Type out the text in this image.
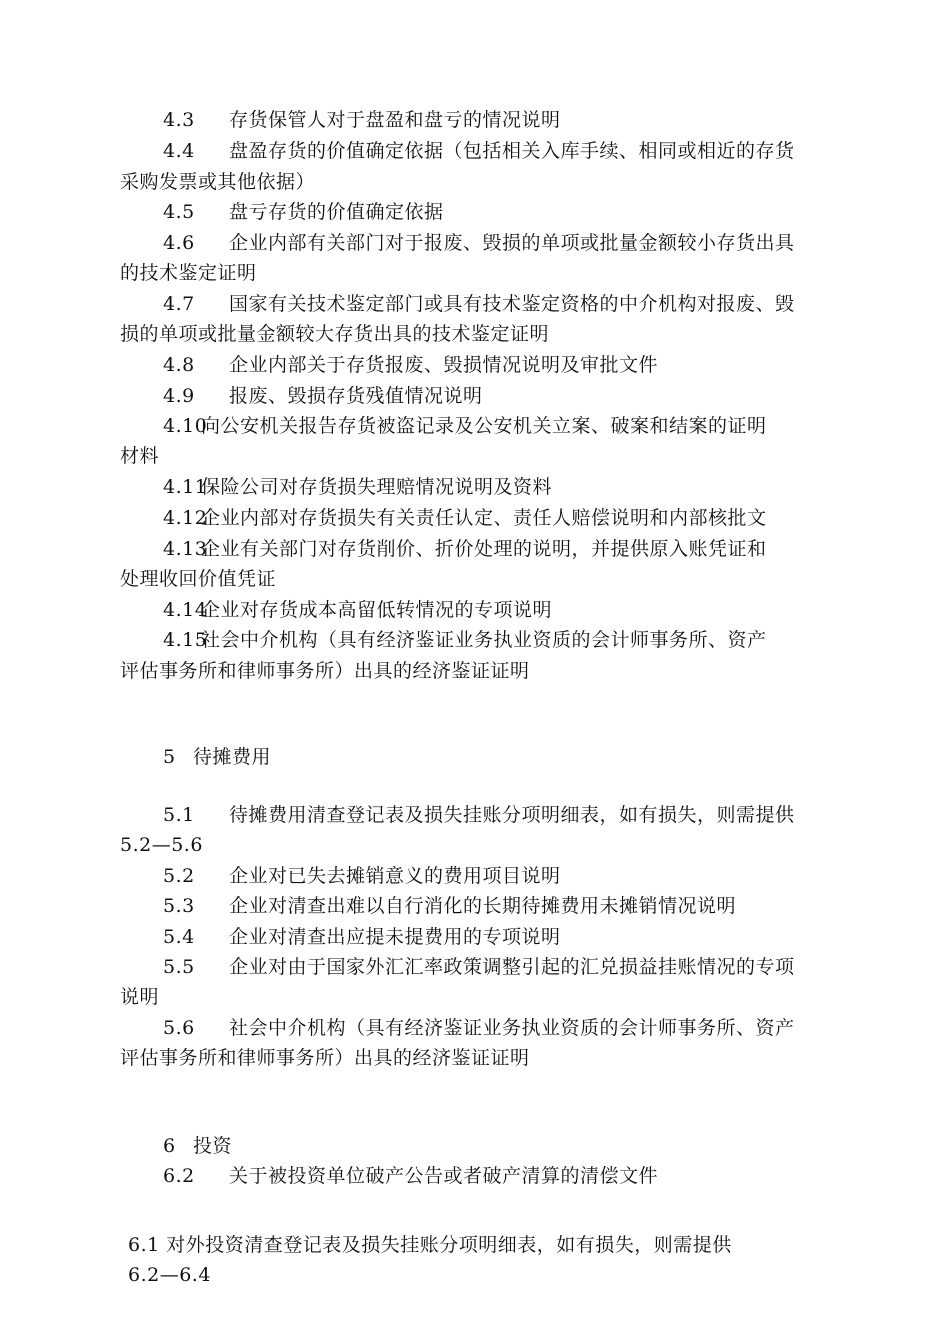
4.3 存货保管人对于盘盈和盘亏的情况说明
4.4 盘盈存货的价值确定依据（包括相关入库手续、相同或相近的存货
采购发票或其他依据）
4.5 盘亏存货的价值确定依据
4.6 企业内部有关部门对于报废、毁损的单项或批量金额较小存货出具
的技术鉴定证明
4.7 国家有关技术鉴定部门或具有技术鉴定资格的中介机构对报废、毁
损的单项或批量金额较大存货出具的技术鉴定证明
4.8 企业内部关于存货报废、毁损情况说明及审批文件
4.9 报废、毁损存货残值情况说明
4.10
向公安机关报告存货被盗记录及公安机关立案、破案和结案的证明
材料
4.11
保险公司对存货损失理赔情况说明及资料
4.12
企业内部对存货损失有关责任认定、责任人赔偿说明和内部核批文
4.13
企业有关部门对存货削价、折价处理的说明，并提供原入账凭证和
处理收回价值凭证
4.14
企业对存货成本高留低转情况的专项说明
4.15
社会中介机构（具有经济鉴证业务执业资质的会计师事务所、资产
评估事务所和律师事务所）出具的经济鉴证证明
5 待摊费用
5.1 待摊费用清查登记表及损失挂账分项明细表，如有损失，则需提供
5.2—5.6
5.2 企业对已失去摊销意义的费用项目说明
5.3 企业对清查出难以自行消化的长期待摊费用未摊销情况说明
5.4 企业对清查出应提未提费用的专项说明
5.5 企业对由于国家外汇汇率政策调整引起的汇兑损益挂账情况的专项
说明
5.6 社会中介机构（具有经济鉴证业务执业资质的会计师事务所、资产
评估事务所和律师事务所）出具的经济鉴证证明
6 投资
6.2 关于被投资单位破产公告或者破产清算的清偿文件
6.1 对外投资清查登记表及损失挂账分项明细表，如有损失，则需提供
6.2—6.4
